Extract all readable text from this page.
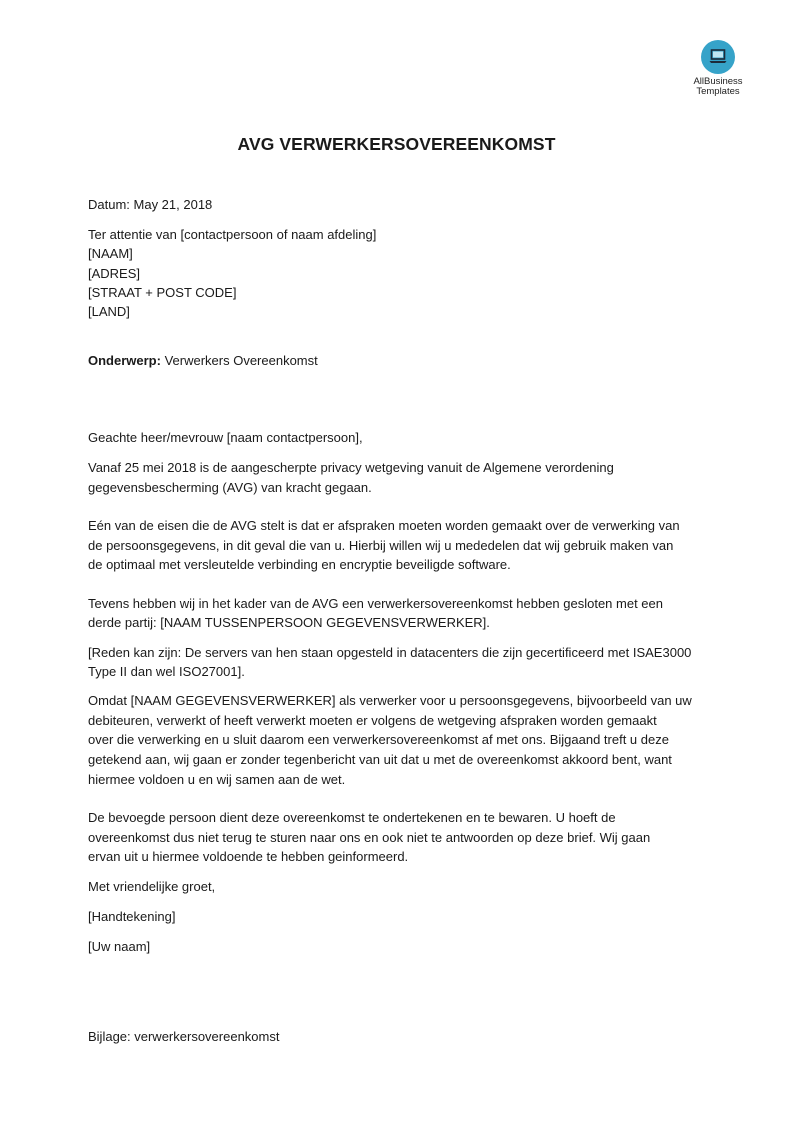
AllBusiness
Templates
AVG VERWERKERSOVEREENKOMST
Datum: May 21, 2018
Ter attentie van [contactpersoon of naam afdeling]
[NAAM]
[ADRES]
[STRAAT + POST CODE]
[LAND]
Onderwerp: Verwerkers Overeenkomst
Geachte heer/mevrouw [naam contactpersoon],
Vanaf 25 mei 2018 is de aangescherpte privacy wetgeving vanuit de Algemene verordening
gegevensbescherming (AVG) van kracht gegaan.
Eén van de eisen die de AVG stelt is dat er afspraken moeten worden gemaakt over de verwerking van
de persoonsgegevens, in dit geval die van u. Hierbij willen wij u mededelen dat wij gebruik maken van
de optimaal met versleutelde verbinding en encryptie beveiligde software.
Tevens hebben wij in het kader van de AVG een verwerkersovereenkomst hebben gesloten met een
derde partij: [NAAM TUSSENPERSOON GEGEVENSVERWERKER].
[Reden kan zijn: De servers van hen staan opgesteld in datacenters die zijn gecertificeerd met ISAE3000
Type II dan wel ISO27001].
Omdat [NAAM GEGEVENSVERWERKER] als verwerker voor u persoonsgegevens, bijvoorbeeld van uw
debiteuren, verwerkt of heeft verwerkt moeten er volgens de wetgeving afspraken worden gemaakt
over die verwerking en u sluit daarom een verwerkersovereenkomst af met ons. Bijgaand treft u deze
getekend aan, wij gaan er zonder tegenbericht van uit dat u met de overeenkomst akkoord bent, want
hiermee voldoen u en wij samen aan de wet.
De bevoegde persoon dient deze overeenkomst te ondertekenen en te bewaren. U hoeft de
overeenkomst dus niet terug te sturen naar ons en ook niet te antwoorden op deze brief. Wij gaan
ervan uit u hiermee voldoende te hebben geinformeerd.
Met vriendelijke groet,
[Handtekening]
[Uw naam]
Bijlage: verwerkersovereenkomst
